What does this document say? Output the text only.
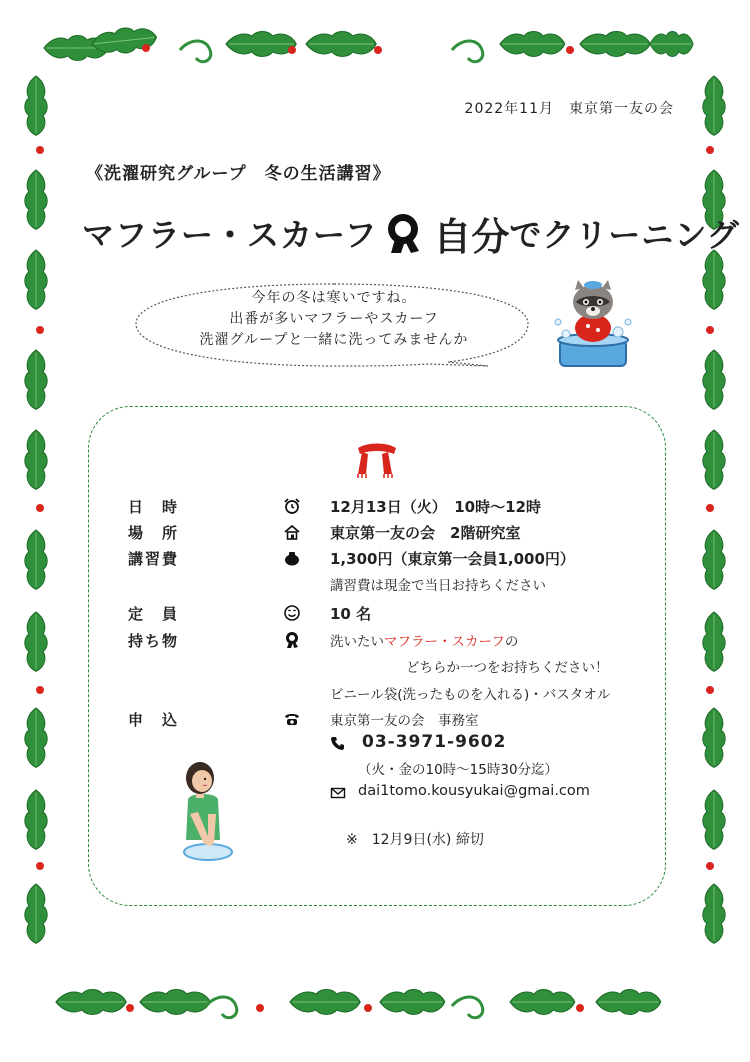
2022年11月　東京第一友の会
《洗濯研究グループ　冬の生活講習》
マフラー・スカーフ 自分 でクリーニング
今年の冬は寒いですね。
出番が多いマフラーやスカーフ
洗濯グループと一緒に洗ってみませんか
日　時	12月13日（火）　10時～12時
場　所	東京第一友の会　2階研究室
講習費	1,300円（東京第一会員1,000円）
講習費は現金で当日お持ちください
定　員	10 名
持ち物	洗いたいマフラー・スカーフの
どちらか一つをお持ちください！
ビニール袋(洗ったものを入れる)・バスタオル
申　込	東京第一友の会　事務室
03-3971-9602
（火・金の10時～15時30分迄）
dai1tomo.kousyukai@gmai.com
※　12月9日(水) 締切
